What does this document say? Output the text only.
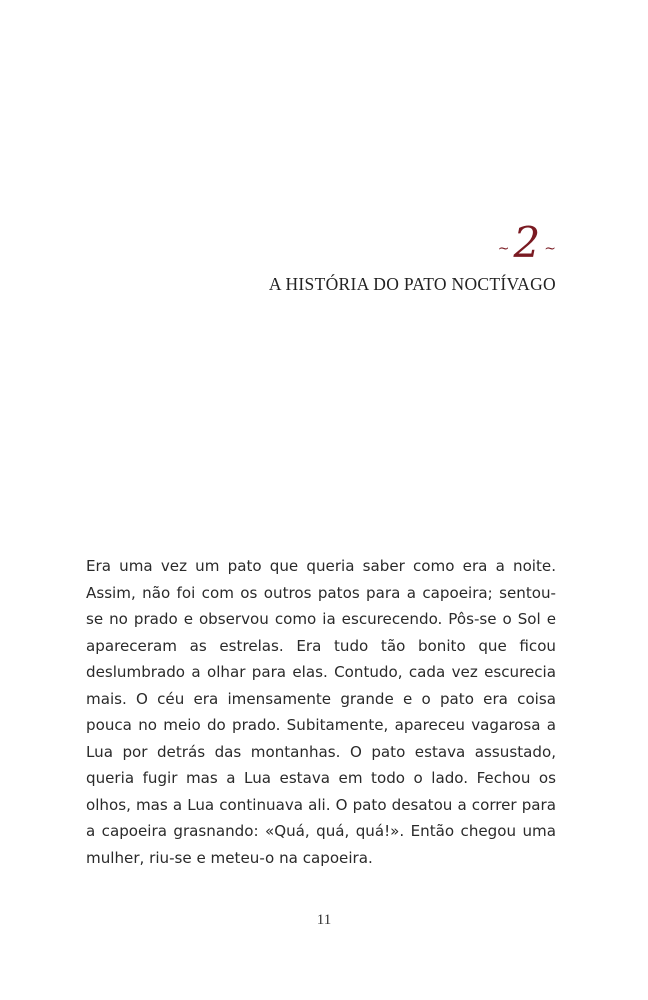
~ 2 ~
A HISTÓRIA DO PATO NOCTÍVAGO

Era uma vez um pato que queria saber como era a noite. Assim, não foi com os outros patos para a capoeira; sentou-se no prado e observou como ia escurecendo. Pôs-se o Sol e apareceram as estrelas. Era tudo tão bonito que ficou deslumbrado a olhar para elas. Contudo, cada vez escurecia mais. O céu era imensamente grande e o pato era coisa pouca no meio do prado. Subitamente, apareceu vagarosa a Lua por detrás das montanhas. O pato estava assustado, queria fugir mas a Lua estava em todo o lado. Fechou os olhos, mas a Lua continuava ali. O pato desatou a correr para a capoeira grasnando: «Quá, quá, quá!». Então chegou uma mulher, riu-se e meteu-o na capoeira.

11
